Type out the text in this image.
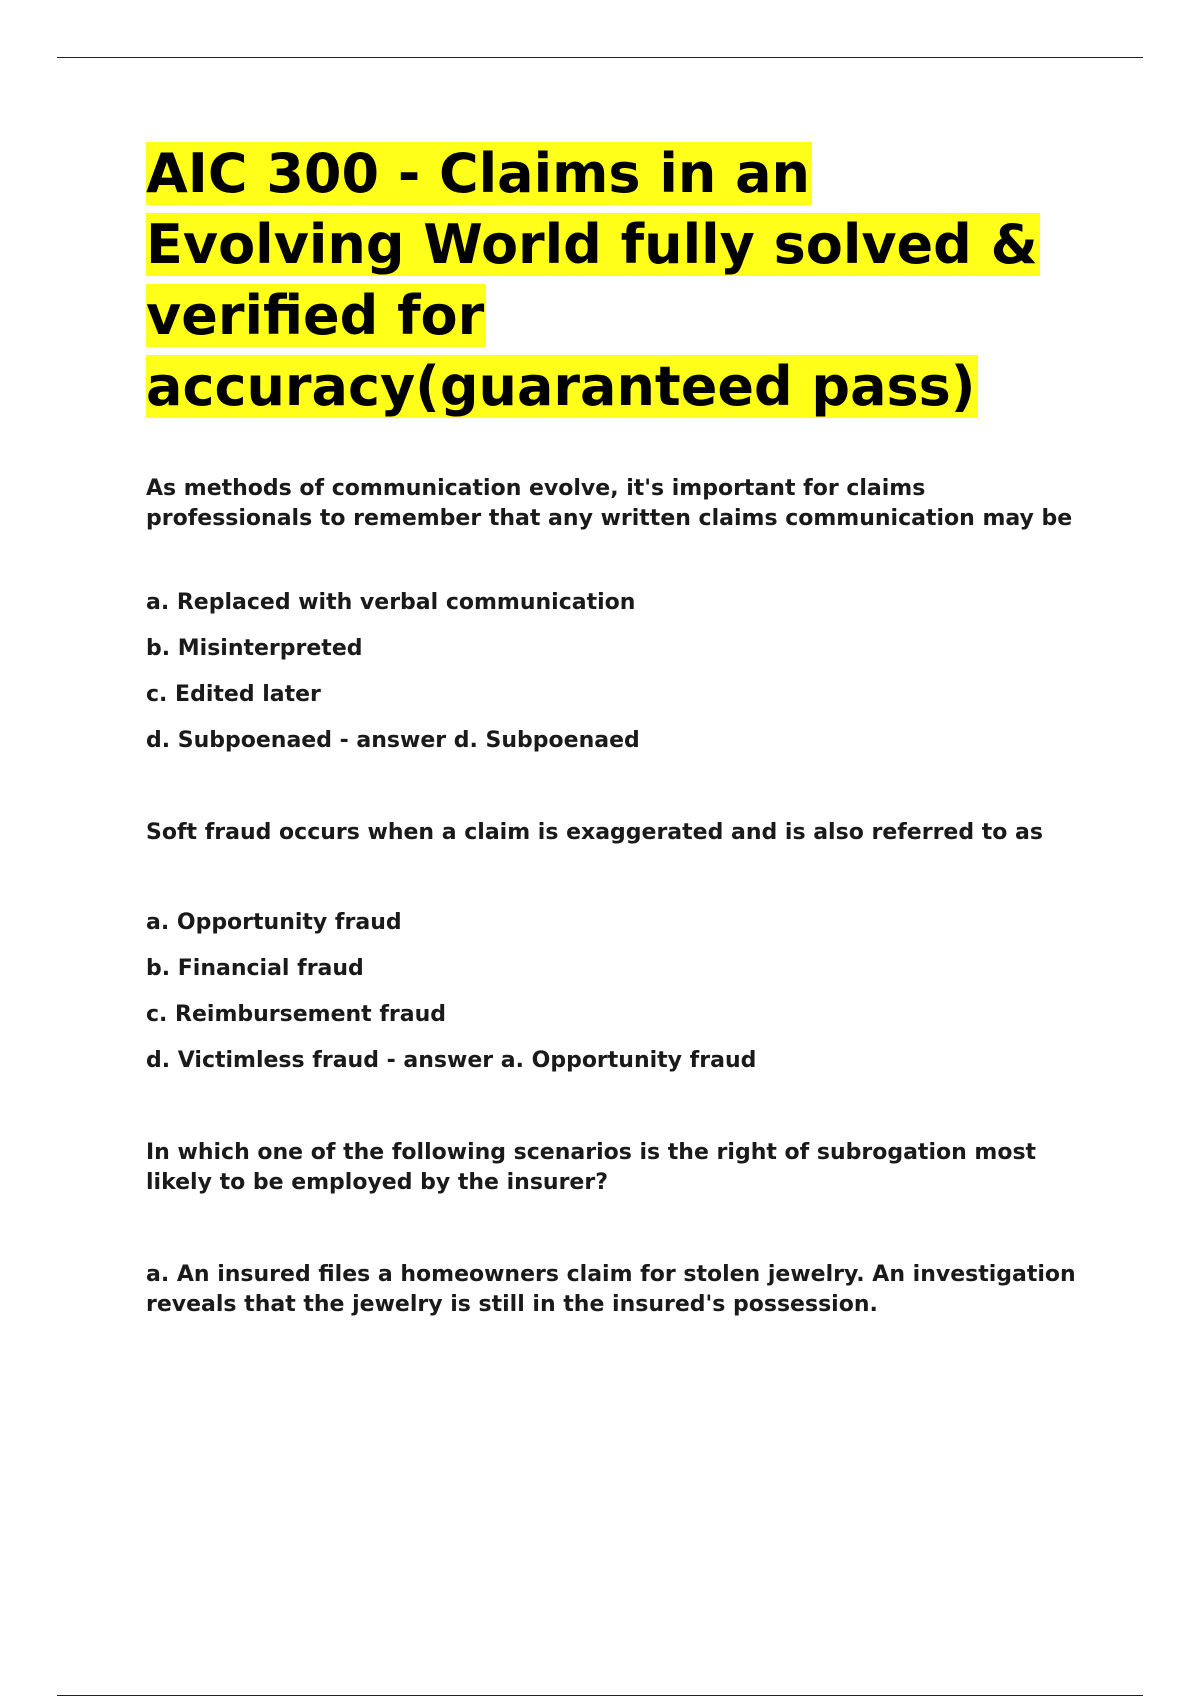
AIC 300 - Claims in an Evolving World fully solved & verified for accuracy(guaranteed pass)

As methods of communication evolve, it's important for claims professionals to remember that any written claims communication may be

a. Replaced with verbal communication
b. Misinterpreted
c. Edited later
d. Subpoenaed - answer d. Subpoenaed

Soft fraud occurs when a claim is exaggerated and is also referred to as

a. Opportunity fraud
b. Financial fraud
c. Reimbursement fraud
d. Victimless fraud - answer a. Opportunity fraud

In which one of the following scenarios is the right of subrogation most likely to be employed by the insurer?

a. An insured files a homeowners claim for stolen jewelry. An investigation reveals that the jewelry is still in the insured's possession.
